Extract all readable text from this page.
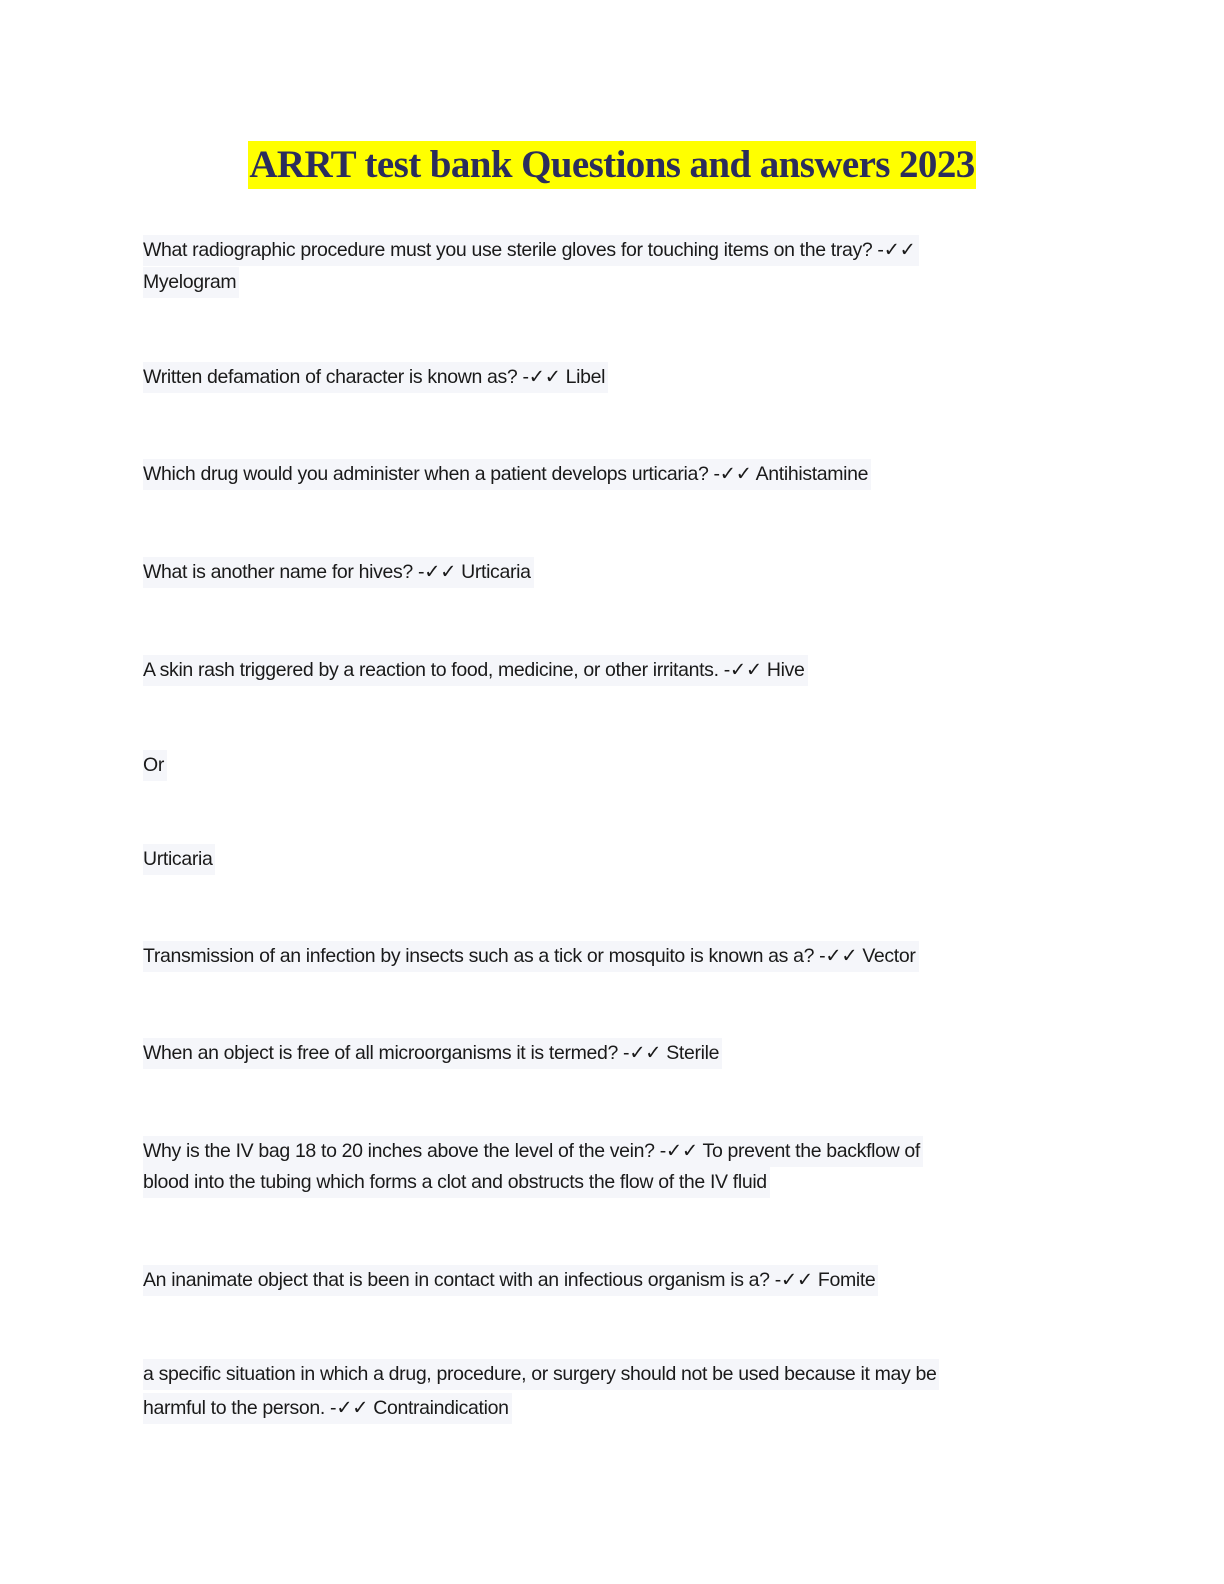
ARRT test bank Questions and answers 2023
What radiographic procedure must you use sterile gloves for touching items on the tray? -✓✓
Myelogram
Written defamation of character is known as? -✓✓ Libel
Which drug would you administer when a patient develops urticaria? -✓✓ Antihistamine
What is another name for hives? -✓✓ Urticaria
A skin rash triggered by a reaction to food, medicine, or other irritants. -✓✓ Hive
Or
Urticaria
Transmission of an infection by insects such as a tick or mosquito is known as a? -✓✓ Vector
When an object is free of all microorganisms it is termed? -✓✓ Sterile
Why is the IV bag 18 to 20 inches above the level of the vein? -✓✓ To prevent the backflow of
blood into the tubing which forms a clot and obstructs the flow of the IV fluid
An inanimate object that is been in contact with an infectious organism is a? -✓✓ Fomite
a specific situation in which a drug, procedure, or surgery should not be used because it may be
harmful to the person. -✓✓ Contraindication
